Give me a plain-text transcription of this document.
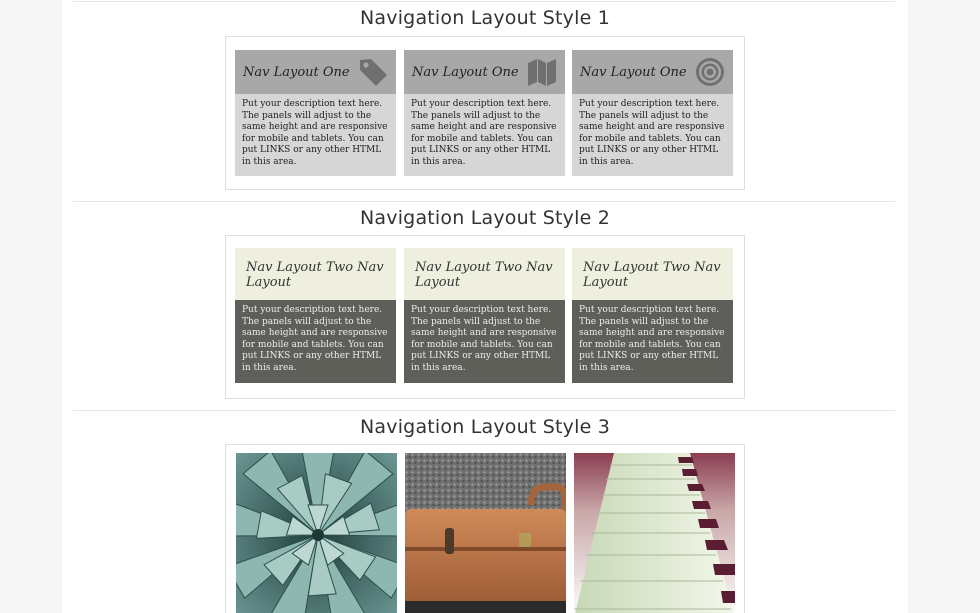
Navigation Layout Style 1
Nav Layout One
Put your description text here. The panels will adjust to the same height and are responsive for mobile and tablets. You can put LINKS or any other HTML in this area.
Nav Layout One
Put your description text here. The panels will adjust to the same height and are responsive for mobile and tablets. You can put LINKS or any other HTML in this area.
Nav Layout One
Put your description text here. The panels will adjust to the same height and are responsive for mobile and tablets. You can put LINKS or any other HTML in this area.
Navigation Layout Style 2
Nav Layout Two Nav Layout
Put your description text here. The panels will adjust to the same height and are responsive for mobile and tablets. You can put LINKS or any other HTML in this area.
Nav Layout Two Nav Layout
Put your description text here. The panels will adjust to the same height and are responsive for mobile and tablets. You can put LINKS or any other HTML in this area.
Nav Layout Two Nav Layout
Put your description text here. The panels will adjust to the same height and are responsive for mobile and tablets. You can put LINKS or any other HTML in this area.
Navigation Layout Style 3
